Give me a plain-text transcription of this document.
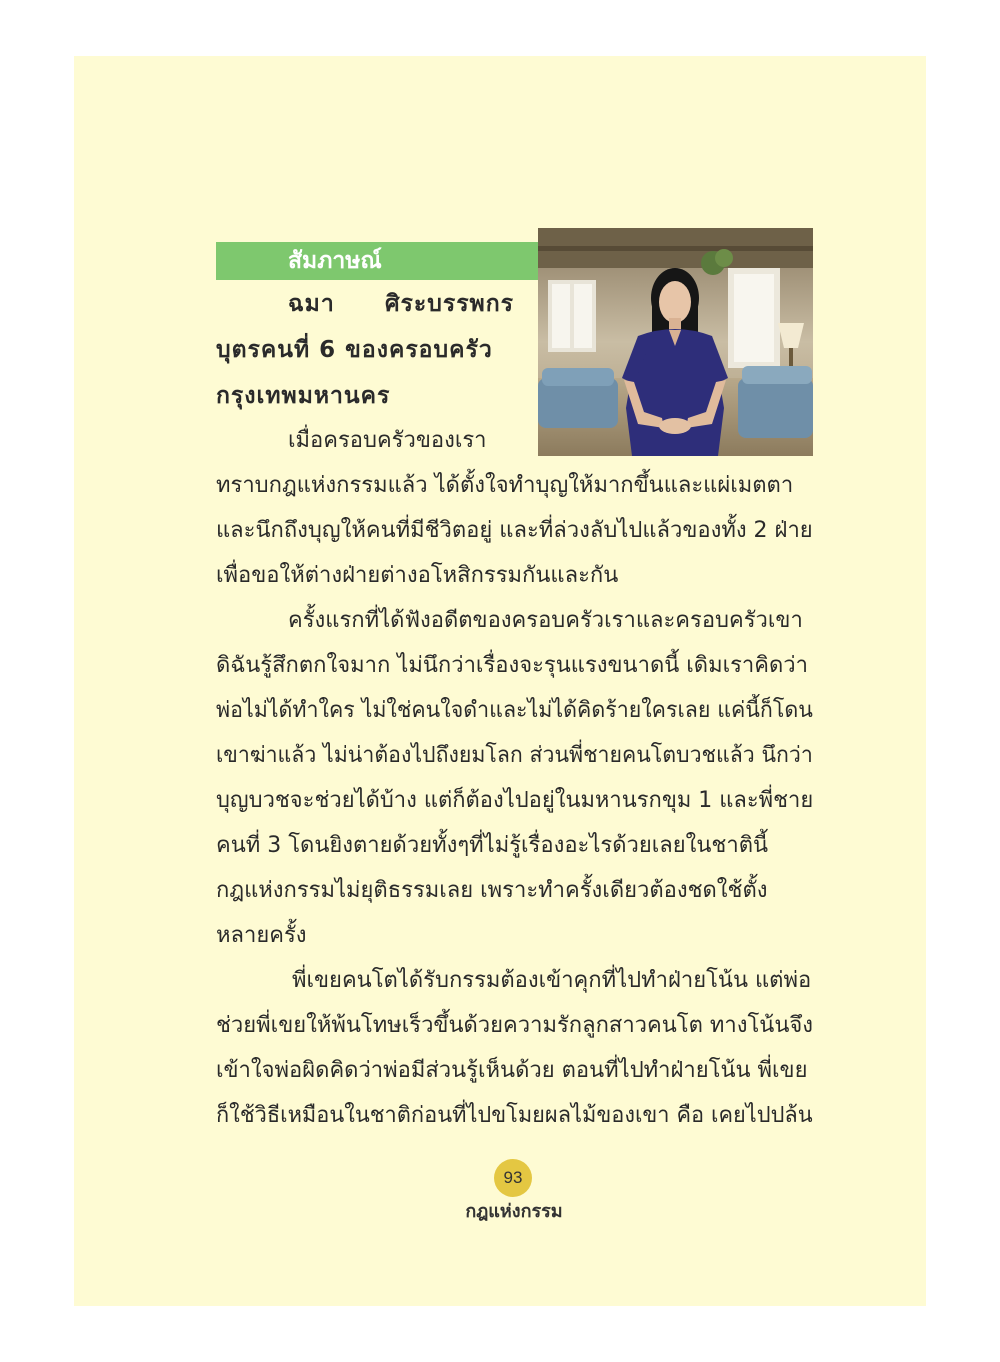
สัมภาษณ์
ฉมา ศิระบรรพกร
บุตรคนที่ 6 ของครอบครัว
กรุงเทพมหานคร
เมื่อครอบครัวของเรา
ทราบกฎแห่งกรรมแล้ว ได้ตั้งใจทำบุญให้มากขึ้นและแผ่เมตตา
และนึกถึงบุญให้คนที่มีชีวิตอยู่ และที่ล่วงลับไปแล้วของทั้ง 2 ฝ่าย
เพื่อขอให้ต่างฝ่ายต่างอโหสิกรรมกันและกัน
ครั้งแรกที่ได้ฟังอดีตของครอบครัวเราและครอบครัวเขา
ดิฉันรู้สึกตกใจมาก ไม่นึกว่าเรื่องจะรุนแรงขนาดนี้ เดิมเราคิดว่า
พ่อไม่ได้ทำใคร ไม่ใช่คนใจดำและไม่ได้คิดร้ายใครเลย แค่นี้ก็โดน
เขาฆ่าแล้ว ไม่น่าต้องไปถึงยมโลก ส่วนพี่ชายคนโตบวชแล้ว นึกว่า
บุญบวชจะช่วยได้บ้าง แต่ก็ต้องไปอยู่ในมหานรกขุม 1 และพี่ชาย
คนที่ 3 โดนยิงตายด้วยทั้งๆที่ไม่รู้เรื่องอะไรด้วยเลยในชาตินี้
กฎแห่งกรรมไม่ยุติธรรมเลย เพราะทำครั้งเดียวต้องชดใช้ตั้ง
หลายครั้ง
พี่เขยคนโตได้รับกรรมต้องเข้าคุกที่ไปทำฝ่ายโน้น แต่พ่อ
ช่วยพี่เขยให้พ้นโทษเร็วขึ้นด้วยความรักลูกสาวคนโต ทางโน้นจึง
เข้าใจพ่อผิดคิดว่าพ่อมีส่วนรู้เห็นด้วย ตอนที่ไปทำฝ่ายโน้น พี่เขย
ก็ใช้วิธีเหมือนในชาติก่อนที่ไปขโมยผลไม้ของเขา คือ เคยไปปล้น
93
กฎแห่งกรรม
